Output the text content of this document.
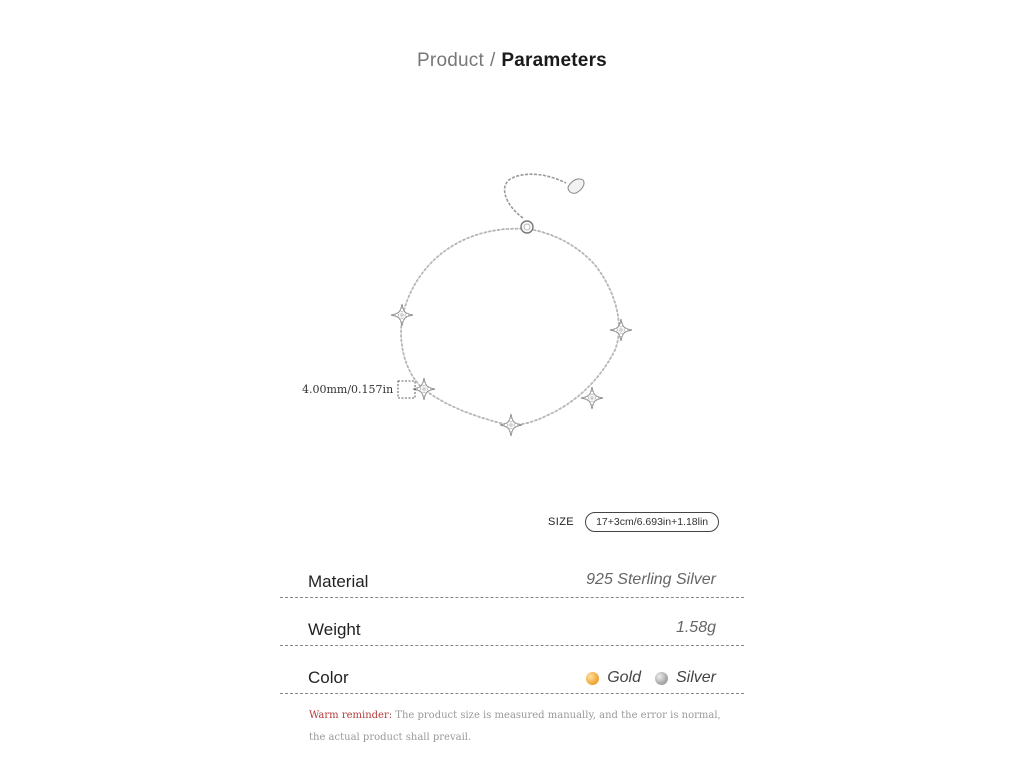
Product / Parameters
4.00mm/0.157in
SIZE	17+3cm/6.693in+1.18lin
Material	925 Sterling Silver
Weight	1.58g
Color	Gold Silver
Warm reminder: The product size is measured manually, and the error is normal,
the actual product shall prevail.
